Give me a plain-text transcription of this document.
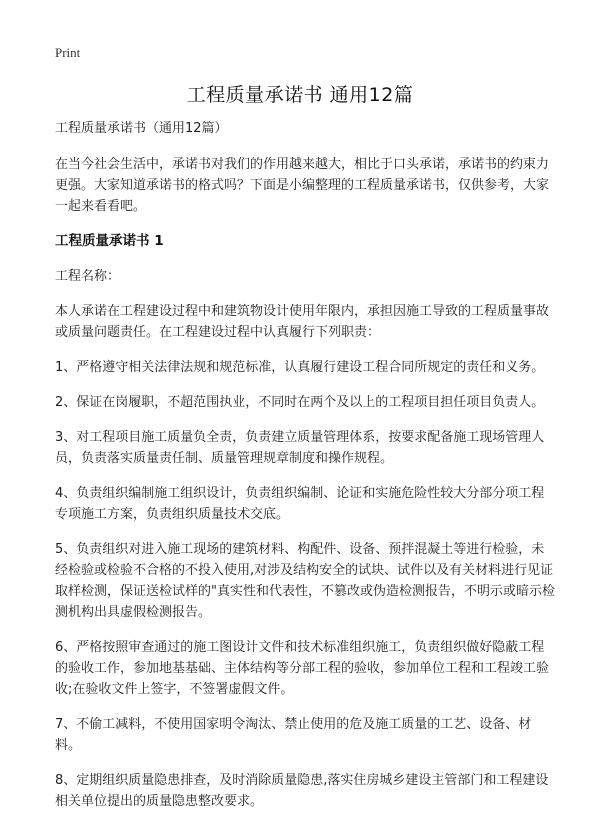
Print
工程质量承诺书 通用12篇

工程质量承诺书（通用12篇）

在当今社会生活中，承诺书对我们的作用越来越大，相比于口头承诺，承诺书的约束力更强。大家知道承诺书的格式吗？下面是小编整理的工程质量承诺书，仅供参考，大家一起来看看吧。

工程质量承诺书 1

工程名称：

本人承诺在工程建设过程中和建筑物设计使用年限内，承担因施工导致的工程质量事故或质量问题责任。在工程建设过程中认真履行下列职责：

1、严格遵守相关法律法规和规范标准，认真履行建设工程合同所规定的责任和义务。

2、保证在岗履职，不超范围执业，不同时在两个及以上的工程项目担任项目负责人。

3、对工程项目施工质量负全责，负责建立质量管理体系，按要求配备施工现场管理人员，负责落实质量责任制、质量管理规章制度和操作规程。

4、负责组织编制施工组织设计，负责组织编制、论证和实施危险性较大分部分项工程专项施工方案，负责组织质量技术交底。

5、负责组织对进入施工现场的建筑材料、构配件、设备、预拌混凝土等进行检验，未经检验或检验不合格的不投入使用,对涉及结构安全的试块、试件以及有关材料进行见证取样检测，保证送检试样的"真实性和代表性，不篡改或伪造检测报告，不明示或暗示检测机构出具虚假检测报告。

6、严格按照审查通过的施工图设计文件和技术标准组织施工，负责组织做好隐蔽工程的验收工作，参加地基基础、主体结构等分部工程的验收，参加单位工程和工程竣工验收;在验收文件上签字，不签署虚假文件。

7、不偷工减料，不使用国家明令淘汰、禁止使用的危及施工质量的工艺、设备、材料。

8、定期组织质量隐患排查，及时消除质量隐患,落实住房城乡建设主管部门和工程建设相关单位提出的质量隐患整改要求。
